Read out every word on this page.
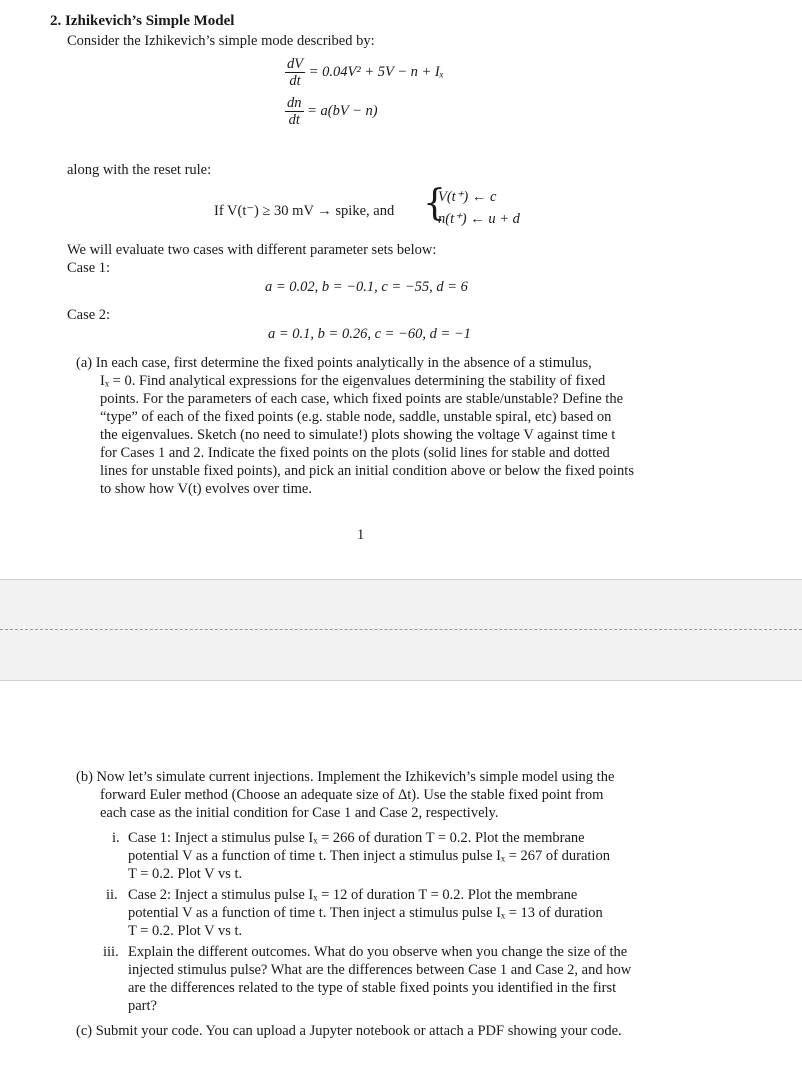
2. Izhikevich’s Simple Model
Consider the Izhikevich’s simple mode described by:
$\frac{dV}{dt} = 0.04V^2 + 5V - n + I_x$
$\frac{dn}{dt} = a(bV - n)$
along with the reset rule:
If V(t⁻) ≥ 30 mV → spike, and {
V(t⁺) ← c
n(t⁺) ← u + d
We will evaluate two cases with different parameter sets below:
Case 1:
a = 0.02, b = −0.1, c = −55, d = 6
Case 2:
a = 0.1, b = 0.26, c = −60, d = −1
(a) In each case, first determine the fixed points analytically in the absence of a stimulus,
Iₓ = 0. Find analytical expressions for the eigenvalues determining the stability of fixed
points. For the parameters of each case, which fixed points are stable/unstable? Define the
“type” of each of the fixed points (e.g. stable node, saddle, unstable spiral, etc) based on
the eigenvalues. Sketch (no need to simulate!) plots showing the voltage V against time t
for Cases 1 and 2. Indicate the fixed points on the plots (solid lines for stable and dotted
lines for unstable fixed points), and pick an initial condition above or below the fixed points
to show how V(t) evolves over time.
1
(b) Now let’s simulate current injections. Implement the Izhikevich’s simple model using the
forward Euler method (Choose an adequate size of Δt). Use the stable fixed point from
each case as the initial condition for Case 1 and Case 2, respectively.
i. Case 1: Inject a stimulus pulse Iₓ = 266 of duration T = 0.2. Plot the membrane
potential V as a function of time t. Then inject a stimulus pulse Iₓ = 267 of duration
T = 0.2. Plot V vs t.
ii. Case 2: Inject a stimulus pulse Iₓ = 12 of duration T = 0.2. Plot the membrane
potential V as a function of time t. Then inject a stimulus pulse Iₓ = 13 of duration
T = 0.2. Plot V vs t.
iii. Explain the different outcomes. What do you observe when you change the size of the
injected stimulus pulse? What are the differences between Case 1 and Case 2, and how
are the differences related to the type of stable fixed points you identified in the first
part?
(c) Submit your code. You can upload a Jupyter notebook or attach a PDF showing your code.
